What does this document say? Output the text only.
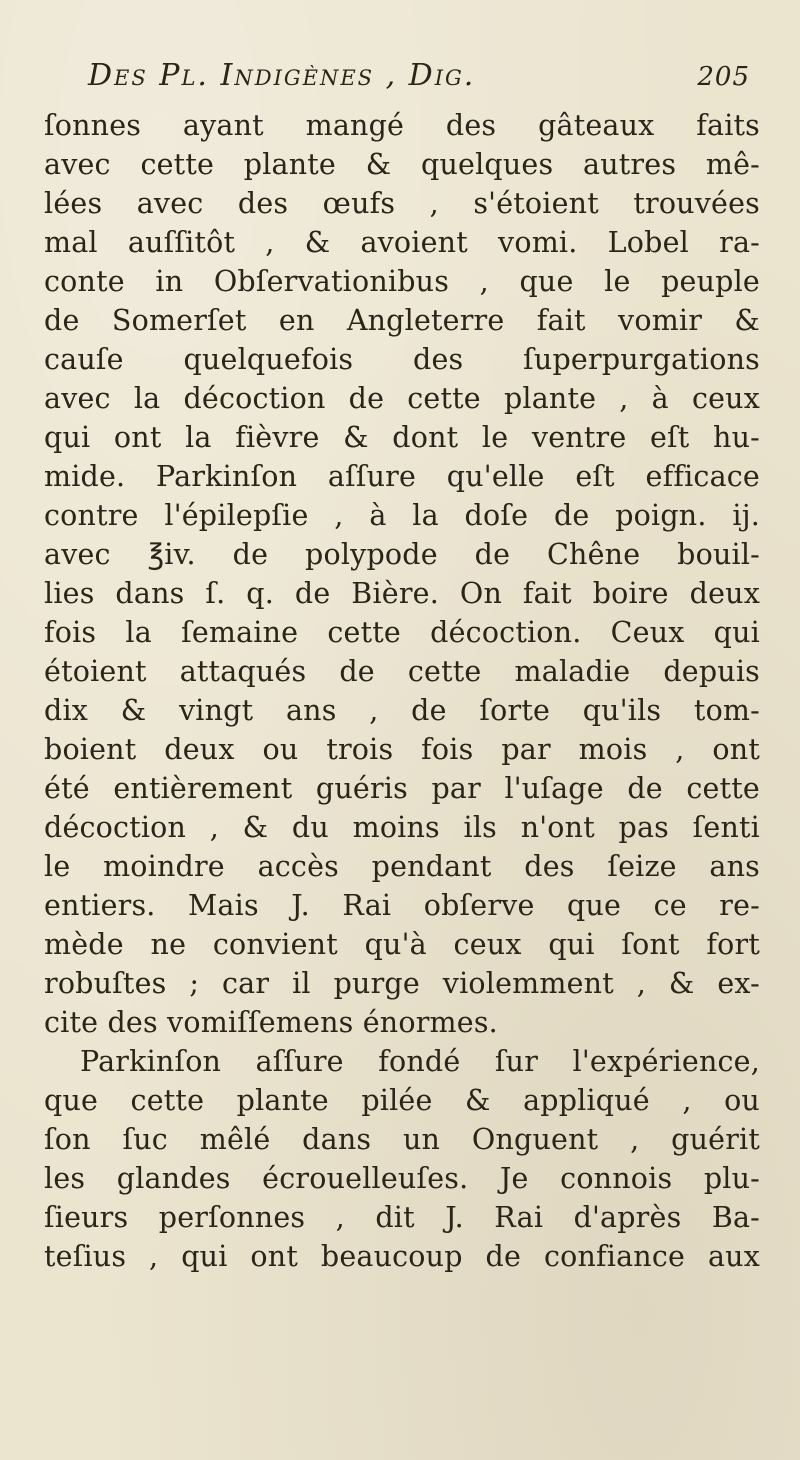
Des Pl. Indigènes , Dig.	205
ſonnes ayant mangé des gâteaux faits
avec cette plante & quelques autres mê-
lées avec des œufs , s'étoient trouvées
mal auſſitôt , & avoient vomi. Lobel ra-
conte in Obſervationibus , que le peuple
de Somerſet en Angleterre fait vomir &
cauſe quelquefois des ſuperpurgations
avec la décoction de cette plante , à ceux
qui ont la fièvre & dont le ventre eſt hu-
mide. Parkinſon aſſure qu'elle eſt efficace
contre l'épilepſie , à la doſe de poign. ij.
avec ℥iv. de polypode de Chêne bouil-
lies dans ſ. q. de Bière. On fait boire deux
fois la ſemaine cette décoction. Ceux qui
étoient attaqués de cette maladie depuis
dix & vingt ans , de ſorte qu'ils tom-
boient deux ou trois fois par mois , ont
été entièrement guéris par l'uſage de cette
décoction , & du moins ils n'ont pas ſenti
le moindre accès pendant des ſeize ans
entiers. Mais J. Rai obſerve que ce re-
mède ne convient qu'à ceux qui ſont fort
robuſtes ; car il purge violemment , & ex-
cite des vomiſſemens énormes.
Parkinſon aſſure fondé ſur l'expérience,
que cette plante pilée & appliqué , ou
ſon ſuc mêlé dans un Onguent , guérit
les glandes écrouelleuſes. Je connois plu-
ſieurs perſonnes , dit J. Rai d'après Ba-
teſius , qui ont beaucoup de confiance aux
